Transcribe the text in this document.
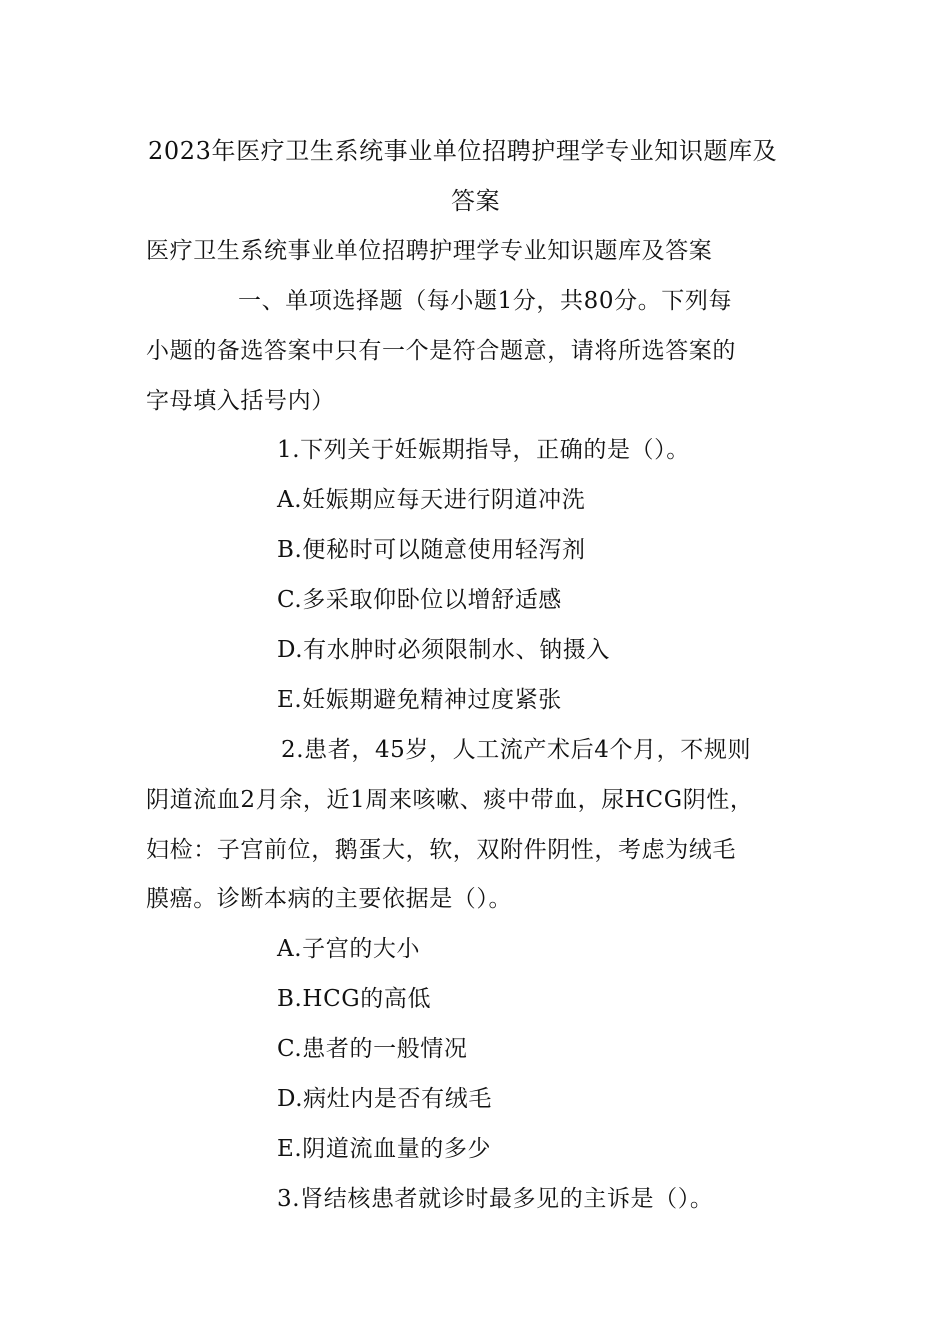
2023年医疗卫生系统事业单位招聘护理学专业知识题库及
答案
医疗卫生系统事业单位招聘护理学专业知识题库及答案
一、单项选择题（每小题1分，共80分。下列每
小题的备选答案中只有一个是符合题意，请将所选答案的
字母填入括号内）
1.下列关于妊娠期指导，正确的是（）。
A.妊娠期应每天进行阴道冲洗
B.便秘时可以随意使用轻泻剂
C.多采取仰卧位以增舒适感
D.有水肿时必须限制水、钠摄入
E.妊娠期避免精神过度紧张
2.患者，45岁，人工流产术后4个月，不规则
阴道流血2月余，近1周来咳嗽、痰中带血，尿HCG阴性，
妇检：子宫前位，鹅蛋大，软，双附件阴性，考虑为绒毛
膜癌。诊断本病的主要依据是（）。
A.子宫的大小
B.HCG的高低
C.患者的一般情况
D.病灶内是否有绒毛
E.阴道流血量的多少
3.肾结核患者就诊时最多见的主诉是（）。
